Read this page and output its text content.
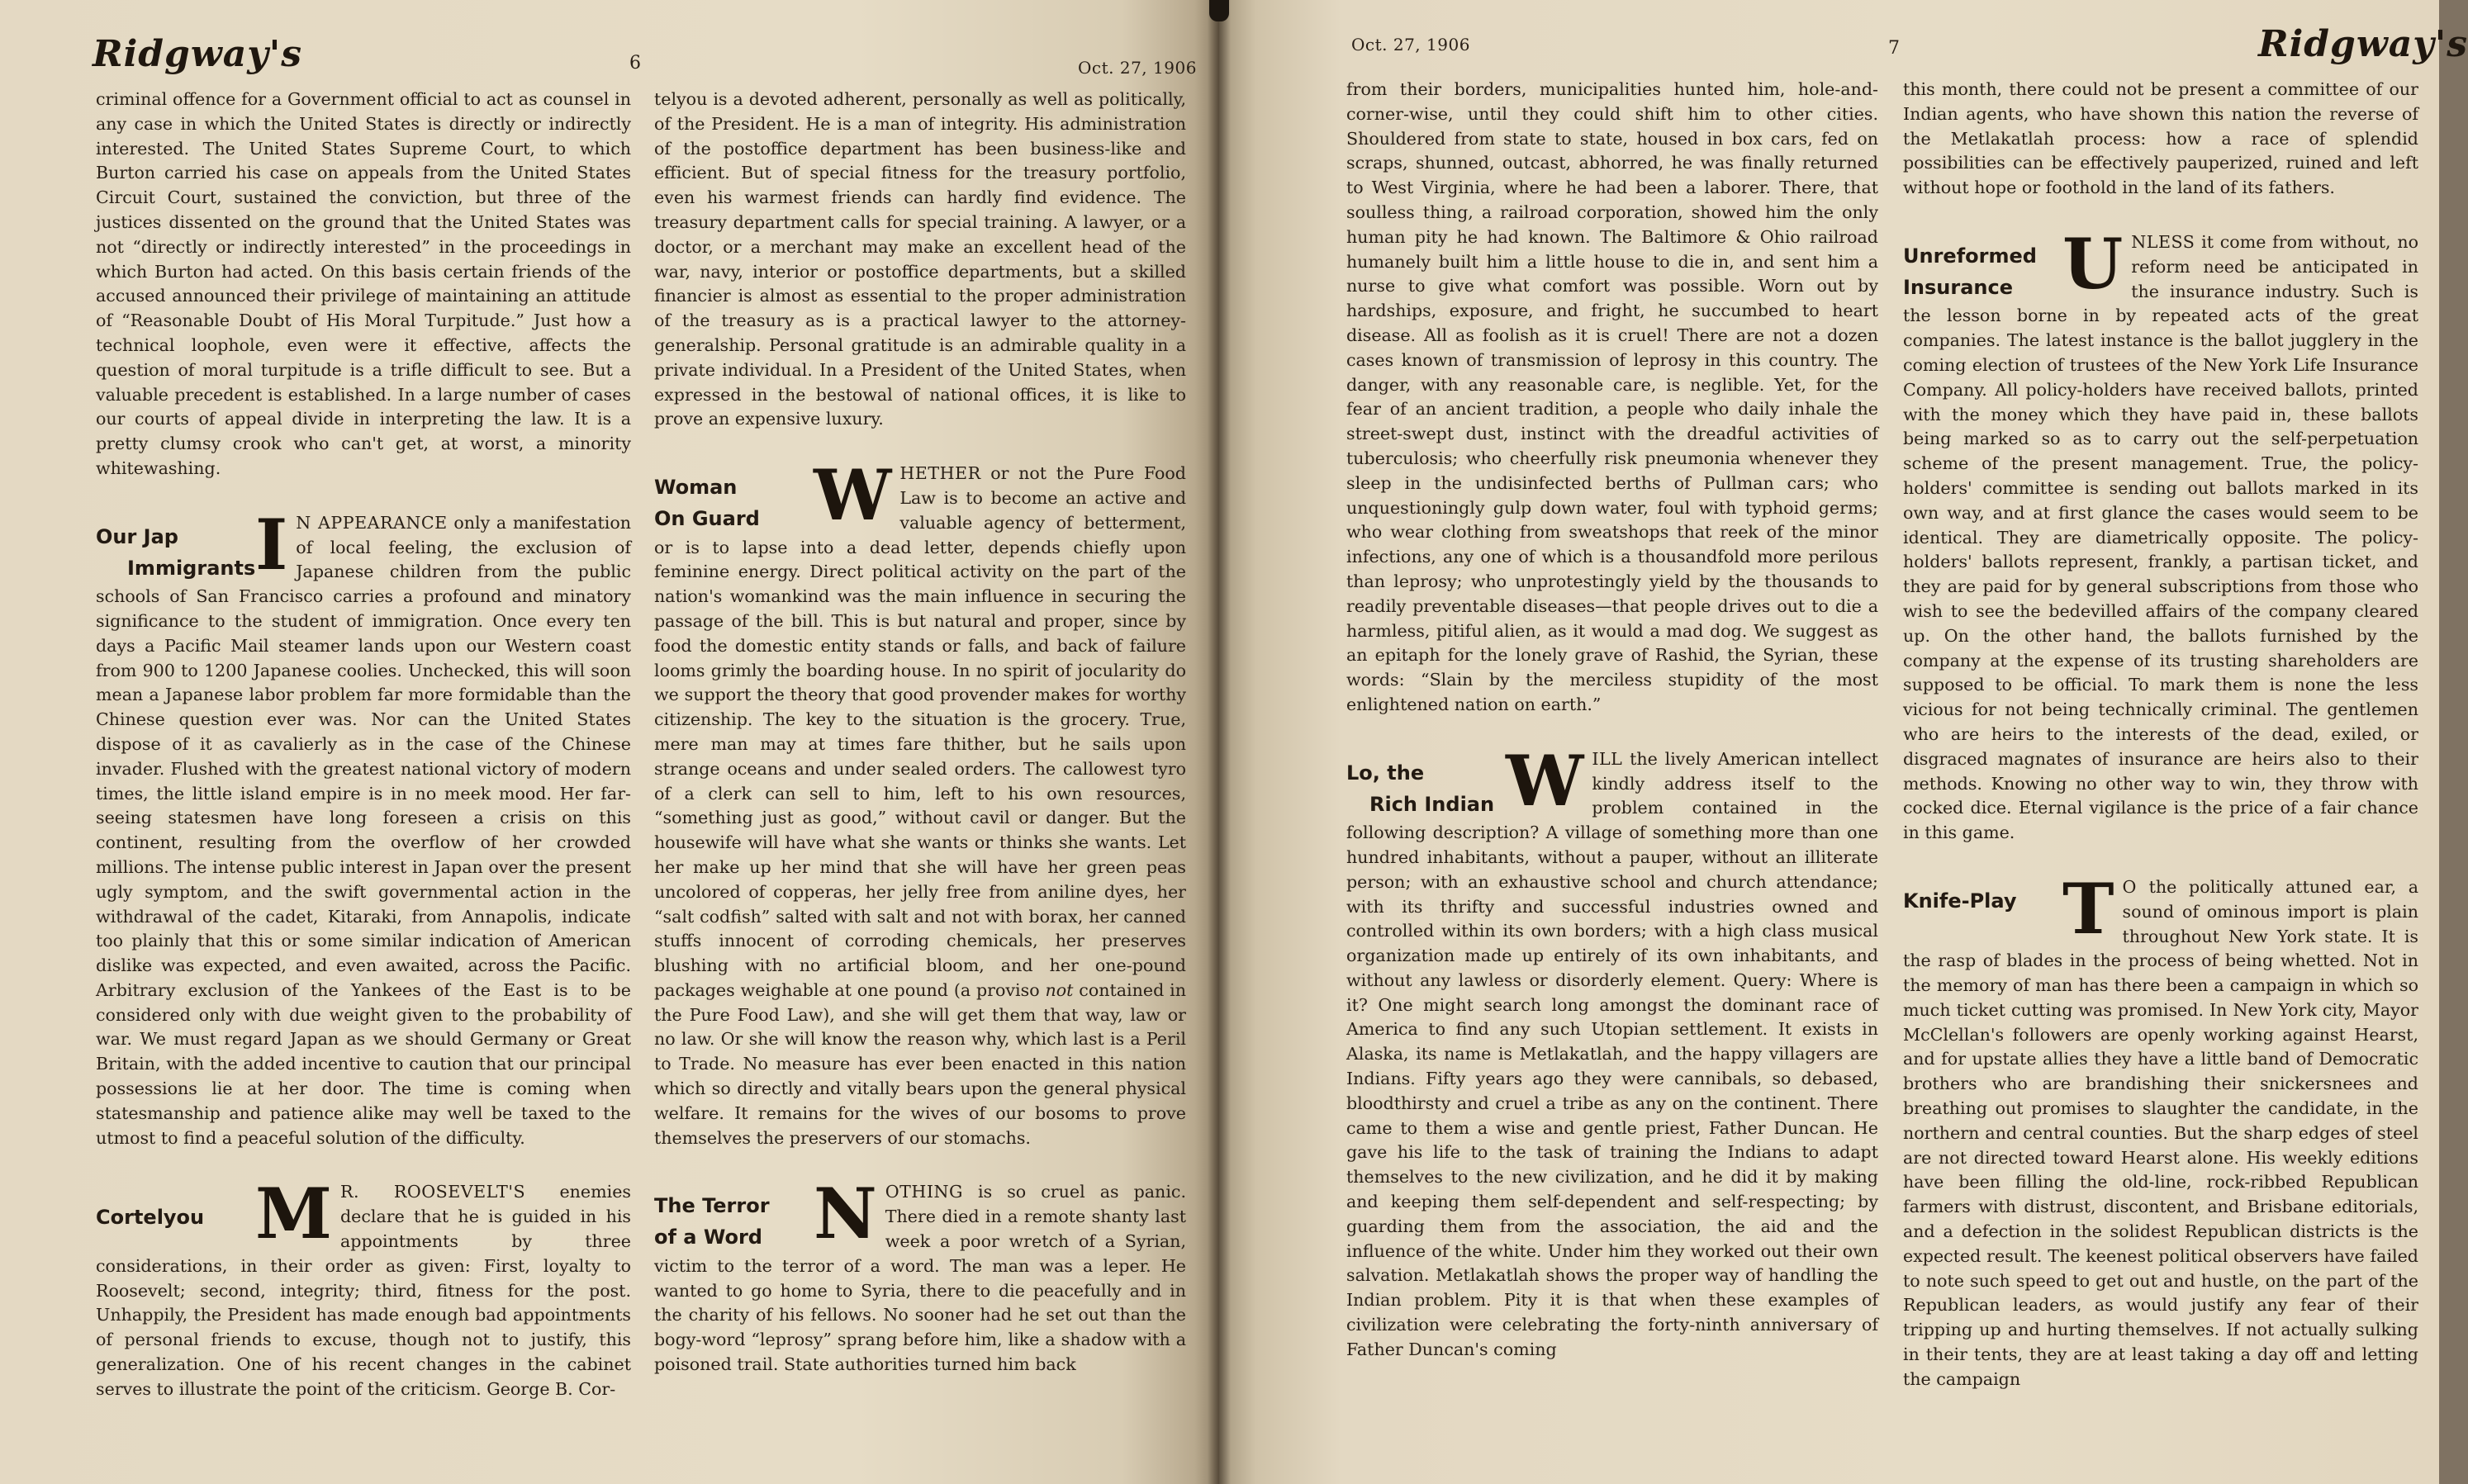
Ridgway's	6	Oct. 27, 1906

criminal offence for a Government official to act as counsel in any case in which the United States is directly or indirectly interested. The United States Supreme Court, to which Burton carried his case on appeals from the United States Circuit Court, sustained the conviction, but three of the justices dissented on the ground that the United States was not “directly or indirectly interested” in the proceedings in which Burton had acted. On this basis certain friends of the accused announced their privilege of maintaining an attitude of “Reasonable Doubt of His Moral Turpitude.” Just how a technical loophole, even were it effective, affects the question of moral turpitude is a trifle difficult to see. But a valuable precedent is established. In a large number of cases our courts of appeal divide in interpreting the law. It is a pretty clumsy crook who can't get, at worst, a minority whitewashing.

Our Jap
Immigrants I N APPEARANCE only a manifestation of local feeling, the exclusion of Japanese children from the public schools of San Francisco carries a profound and minatory significance to the student of immigration. Once every ten days a Pacific Mail steamer lands upon our Western coast from 900 to 1200 Japanese coolies. Unchecked, this will soon mean a Japanese labor problem far more formidable than the Chinese question ever was. Nor can the United States dispose of it as cavalierly as in the case of the Chinese invader. Flushed with the greatest national victory of modern times, the little island empire is in no meek mood. Her far-seeing statesmen have long foreseen a crisis on this continent, resulting from the overflow of her crowded millions. The intense public interest in Japan over the present ugly symptom, and the swift governmental action in the withdrawal of the cadet, Kitaraki, from Annapolis, indicate too plainly that this or some similar indication of American dislike was expected, and even awaited, across the Pacific. Arbitrary exclusion of the Yankees of the East is to be considered only with due weight given to the probability of war. We must regard Japan as we should Germany or Great Britain, with the added incentive to caution that our principal possessions lie at her door. The time is coming when statesmanship and patience alike may well be taxed to the utmost to find a peaceful solution of the difficulty.

Cortelyou M R. ROOSEVELT'S enemies declare that he is guided in his appointments by three considerations, in their order as given: First, loyalty to Roosevelt; second, integrity; third, fitness for the post. Unhappily, the President has made enough bad appointments of personal friends to excuse, though not to justify, this generalization. One of his recent changes in the cabinet serves to illustrate the point of the criticism. George B. Cor-

telyou is a devoted adherent, personally as well as politically, of the President. He is a man of integrity. His administration of the postoffice department has been business-like and efficient. But of special fitness for the treasury portfolio, even his warmest friends can hardly find evidence. The treasury department calls for special training. A lawyer, or a doctor, or a merchant may make an excellent head of the war, navy, interior or postoffice departments, but a skilled financier is almost as essential to the proper administration of the treasury as is a practical lawyer to the attorney-generalship. Personal gratitude is an admirable quality in a private individual. In a President of the United States, when expressed in the bestowal of national offices, it is like to prove an expensive luxury.

Woman
On Guard W HETHER or not the Pure Food Law is to become an active and valuable agency of betterment, or is to lapse into a dead letter, depends chiefly upon feminine energy. Direct political activity on the part of the nation's womankind was the main influence in securing the passage of the bill. This is but natural and proper, since by food the domestic entity stands or falls, and back of failure looms grimly the boarding house. In no spirit of jocularity do we support the theory that good provender makes for worthy citizenship. The key to the situation is the grocery. True, mere man may at times fare thither, but he sails upon strange oceans and under sealed orders. The callowest tyro of a clerk can sell to him, left to his own resources, “something just as good,” without cavil or danger. But the housewife will have what she wants or thinks she wants. Let her make up her mind that she will have her green peas uncolored of copperas, her jelly free from aniline dyes, her “salt codfish” salted with salt and not with borax, her canned stuffs innocent of corroding chemicals, her preserves blushing with no artificial bloom, and her one-pound packages weighable at one pound (a proviso not contained in the Pure Food Law), and she will get them that way, law or no law. Or she will know the reason why, which last is a Peril to Trade. No measure has ever been enacted in this nation which so directly and vitally bears upon the general physical welfare. It remains for the wives of our bosoms to prove themselves the preservers of our stomachs.

The Terror
of a Word N OTHING is so cruel as panic. There died in a remote shanty last week a poor wretch of a Syrian, victim to the terror of a word. The man was a leper. He wanted to go home to Syria, there to die peacefully and in the charity of his fellows. No sooner had he set out than the bogy-word “leprosy” sprang before him, like a shadow with a poisoned trail. State authorities turned him back

Oct. 27, 1906	7	Ridgway's

from their borders, municipalities hunted him, hole-and-corner-wise, until they could shift him to other cities. Shouldered from state to state, housed in box cars, fed on scraps, shunned, outcast, abhorred, he was finally returned to West Virginia, where he had been a laborer. There, that soulless thing, a railroad corporation, showed him the only human pity he had known. The Baltimore & Ohio railroad humanely built him a little house to die in, and sent him a nurse to give what comfort was possible. Worn out by hardships, exposure, and fright, he succumbed to heart disease. All as foolish as it is cruel! There are not a dozen cases known of transmission of leprosy in this country. The danger, with any reasonable care, is neglible. Yet, for the fear of an ancient tradition, a people who daily inhale the street-swept dust, instinct with the dreadful activities of tuberculosis; who cheerfully risk pneumonia whenever they sleep in the undisinfected berths of Pullman cars; who unquestioningly gulp down water, foul with typhoid germs; who wear clothing from sweatshops that reek of the minor infections, any one of which is a thousandfold more perilous than leprosy; who unprotestingly yield by the thousands to readily preventable diseases—that people drives out to die a harmless, pitiful alien, as it would a mad dog. We suggest as an epitaph for the lonely grave of Rashid, the Syrian, these words: “Slain by the merciless stupidity of the most enlightened nation on earth.”

Lo, the
Rich Indian W ILL the lively American intellect kindly address itself to the problem contained in the following description? A village of something more than one hundred inhabitants, without a pauper, without an illiterate person; with an exhaustive school and church attendance; with its thrifty and successful industries owned and controlled within its own borders; with a high class musical organization made up entirely of its own inhabitants, and without any lawless or disorderly element. Query: Where is it? One might search long amongst the dominant race of America to find any such Utopian settlement. It exists in Alaska, its name is Metlakatlah, and the happy villagers are Indians. Fifty years ago they were cannibals, so debased, bloodthirsty and cruel a tribe as any on the continent. There came to them a wise and gentle priest, Father Duncan. He gave his life to the task of training the Indians to adapt themselves to the new civilization, and he did it by making and keeping them self-dependent and self-respecting; by guarding them from the association, the aid and the influence of the white. Under him they worked out their own salvation. Metlakatlah shows the proper way of handling the Indian problem. Pity it is that when these examples of civilization were celebrating the forty-ninth anniversary of Father Duncan's coming

this month, there could not be present a committee of our Indian agents, who have shown this nation the reverse of the Metlakatlah process: how a race of splendid possibilities can be effectively pauperized, ruined and left without hope or foothold in the land of its fathers.

Unreformed
Insurance U NLESS it come from without, no reform need be anticipated in the insurance industry. Such is the lesson borne in by repeated acts of the great companies. The latest instance is the ballot jugglery in the coming election of trustees of the New York Life Insurance Company. All policy-holders have received ballots, printed with the money which they have paid in, these ballots being marked so as to carry out the self-perpetuation scheme of the present management. True, the policy-holders' committee is sending out ballots marked in its own way, and at first glance the cases would seem to be identical. They are diametrically opposite. The policy-holders' ballots represent, frankly, a partisan ticket, and they are paid for by general subscriptions from those who wish to see the bedevilled affairs of the company cleared up. On the other hand, the ballots furnished by the company at the expense of its trusting shareholders are supposed to be official. To mark them is none the less vicious for not being technically criminal. The gentlemen who are heirs to the interests of the dead, exiled, or disgraced magnates of insurance are heirs also to their methods. Knowing no other way to win, they throw with cocked dice. Eternal vigilance is the price of a fair chance in this game.

Knife-Play T O the politically attuned ear, a sound of ominous import is plain throughout New York state. It is the rasp of blades in the process of being whetted. Not in the memory of man has there been a campaign in which so much ticket cutting was promised. In New York city, Mayor McClellan's followers are openly working against Hearst, and for upstate allies they have a little band of Democratic brothers who are brandishing their snickersnees and breathing out promises to slaughter the candidate, in the northern and central counties. But the sharp edges of steel are not directed toward Hearst alone. His weekly editions have been filling the old-line, rock-ribbed Republican farmers with distrust, discontent, and Brisbane editorials, and a defection in the solidest Republican districts is the expected result. The keenest political observers have failed to note such speed to get out and hustle, on the part of the Republican leaders, as would justify any fear of their tripping up and hurting themselves. If not actually sulking in their tents, they are at least taking a day off and letting the campaign
